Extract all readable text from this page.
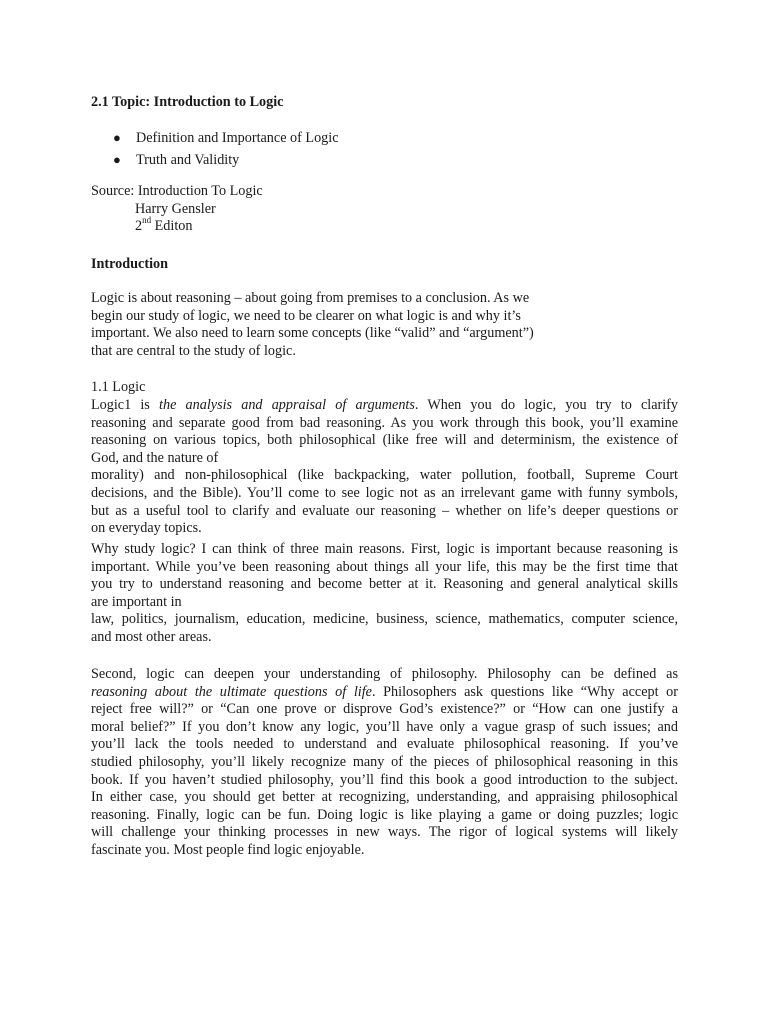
2.1 Topic: Introduction to Logic
● Definition and Importance of Logic
● Truth and Validity
Source: Introduction To Logic
Harry Gensler
2nd Editon
Introduction
Logic is about reasoning – about going from premises to a conclusion. As we
begin our study of logic, we need to be clearer on what logic is and why it’s
important. We also need to learn some concepts (like “valid” and “argument”)
that are central to the study of logic.
1.1 Logic
Logic1 is the analysis and appraisal of arguments. When you do logic, you try to clarify
reasoning and separate good from bad reasoning. As you work through this book, you’ll examine
reasoning on various topics, both philosophical (like free will and determinism, the existence of
God, and the nature of
morality) and non-philosophical (like backpacking, water pollution, football, Supreme Court
decisions, and the Bible). You’ll come to see logic not as an irrelevant game with funny symbols,
but as a useful tool to clarify and evaluate our reasoning – whether on life’s deeper questions or
on everyday topics.
Why study logic? I can think of three main reasons. First, logic is important because reasoning is
important. While you’ve been reasoning about things all your life, this may be the first time that
you try to understand reasoning and become better at it. Reasoning and general analytical skills
are important in
law, politics, journalism, education, medicine, business, science, mathematics, computer science,
and most other areas.
Second, logic can deepen your understanding of philosophy. Philosophy can be defined as
reasoning about the ultimate questions of life. Philosophers ask questions like “Why accept or
reject free will?” or “Can one prove or disprove God’s existence?” or “How can one justify a
moral belief?” If you don’t know any logic, you’ll have only a vague grasp of such issues; and
you’ll lack the tools needed to understand and evaluate philosophical reasoning. If you’ve
studied philosophy, you’ll likely recognize many of the pieces of philosophical reasoning in this
book. If you haven’t studied philosophy, you’ll find this book a good introduction to the subject.
In either case, you should get better at recognizing, understanding, and appraising philosophical
reasoning. Finally, logic can be fun. Doing logic is like playing a game or doing puzzles; logic
will challenge your thinking processes in new ways. The rigor of logical systems will likely
fascinate you. Most people find logic enjoyable.
